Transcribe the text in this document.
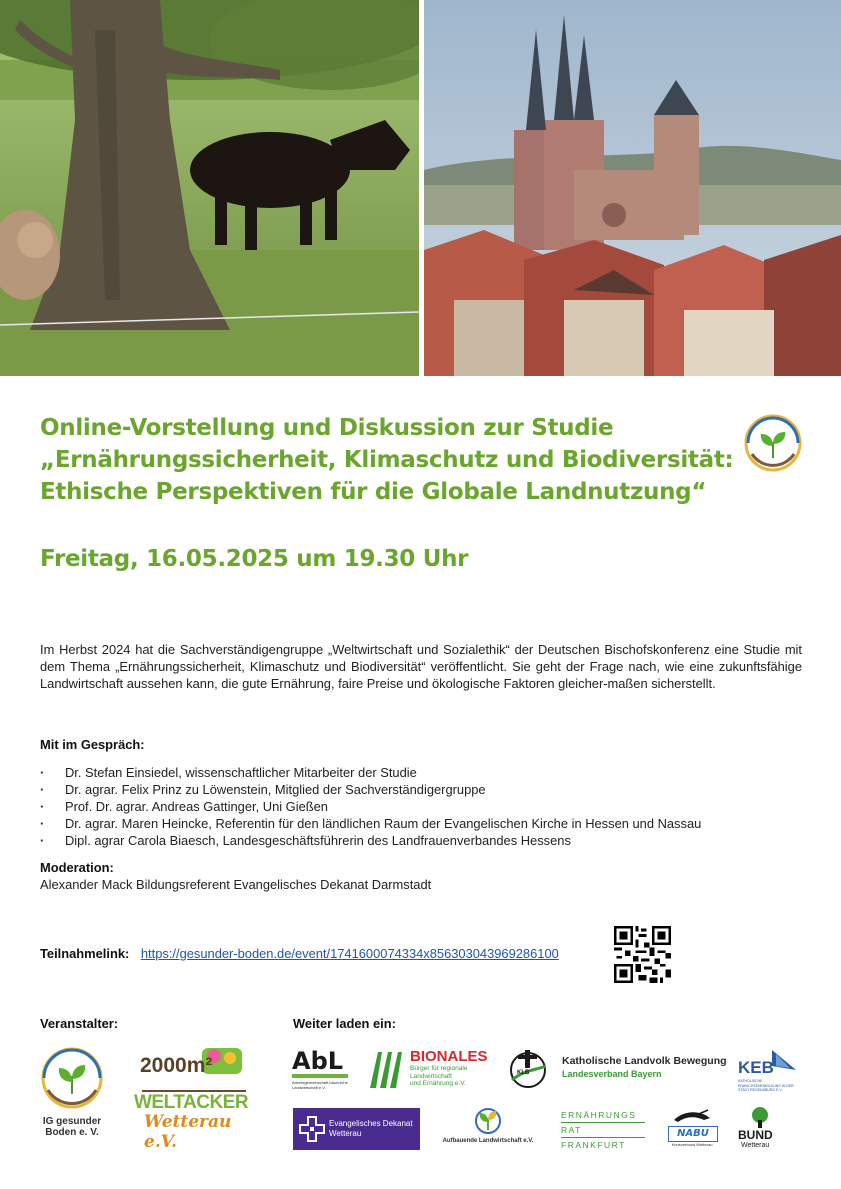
Online-Vorstellung und Diskussion zur Studie
„Ernährungssicherheit, Klimaschutz und Biodiversität:
Ethische Perspektiven für die Globale Landnutzung“
Freitag, 16.05.2025 um 19.30 Uhr

Im Herbst 2024 hat die Sachverständigengruppe „Weltwirtschaft und Sozialethik“ der Deutschen Bischofskonferenz eine Studie mit dem Thema „Ernährungssicherheit, Klimaschutz und Biodiversität“ veröffentlicht. Sie geht der Frage nach, wie eine zukunftsfähige Landwirtschaft aussehen kann, die gute Ernährung, faire Preise und ökologische Faktoren gleicher-maßen sicherstellt.

Mit im Gespräch:

· Dr. Stefan Einsiedel, wissenschaftlicher Mitarbeiter der Studie
· Dr. agrar. Felix Prinz zu Löwenstein, Mitglied der Sachverständigergruppe
· Prof. Dr. agrar. Andreas Gattinger, Uni Gießen
· Dr. agrar. Maren Heincke, Referentin für den ländlichen Raum der Evangelischen Kirche in Hessen und Nassau
· Dipl. agrar Carola Biaesch, Landesgeschäftsführerin des Landfrauenverbandes Hessens

Moderation:

Alexander Mack Bildungsreferent Evangelisches Dekanat Darmstadt

Teilnahmelink: https://gesunder-boden.de/event/1741600074334x856303043969286100

Veranstalter:	Weiter laden ein:

IG gesunder
Boden e. V.
2000m²
WELTACKER
Wetterau e.V.
AbL
Arbeitsgemeinschaft bäuerliche Landwirtschaft e.V.
BIONALES
Bürger für regionale
Landwirtschaft
und Ernährung e.V.
KLB
Katholische Landvolk Bewegung
Landesverband Bayern	KEB
KATHOLISCHE ERWACHSENENBILDUNG IN DER STADT REGENSBURG E.V.
Evangelisches Dekanat
Wetterau
Aufbauende Landwirtschaft e.V.
ERNÄHRUNGS
RAT
FRANKFURT
NABU
Kreisverband Wetterau
BUND
Wetterau
